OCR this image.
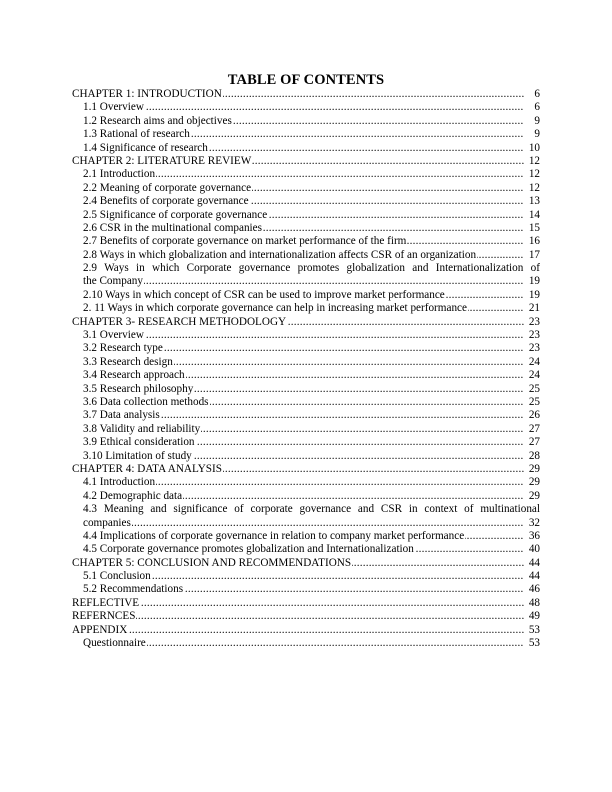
TABLE OF CONTENTS
CHAPTER 1: INTRODUCTION .....	6
1.1 Overview .....	6
1.2 Research aims and objectives .....	9
1.3 Rational of research .....	9
1.4 Significance of research .....	10
CHAPTER 2: LITERATURE REVIEW .....	12
2.1 Introduction .....	12
2.2 Meaning of corporate governance .....	12
2.4 Benefits of corporate governance .....	13
2.5 Significance of corporate governance .....	14
2.6 CSR in the multinational companies .....	15
2.7 Benefits of corporate governance on market performance of the firm .....	16
2.8 Ways in which globalization and internationalization affects CSR of an organization .....	17
2.9 Ways in which Corporate governance promotes globalization and Internationalization of
the Company .....	19
2.10 Ways in which concept of CSR can be used to improve market performance .....	19
2. 11 Ways in which corporate governance can help in increasing market performance .....	21
CHAPTER 3- RESEARCH METHODOLOGY .....	23
3.1 Overview .....	23
3.2 Research type .....	23
3.3 Research design .....	24
3.4 Research approach .....	24
3.5 Research philosophy .....	25
3.6 Data collection methods .....	25
3.7 Data analysis .....	26
3.8 Validity and reliability .....	27
3.9 Ethical consideration .....	27
3.10 Limitation of study .....	28
CHAPTER 4: DATA ANALYSIS .....	29
4.1 Introduction .....	29
4.2 Demographic data .....	29
4.3 Meaning and significance of corporate governance and CSR in context of multinational
companies .....	32
4.4 Implications of corporate governance in relation to company market performance .....	36
4.5 Corporate governance promotes globalization and Internationalization .....	40
CHAPTER 5: CONCLUSION AND RECOMMENDATIONS .....	44
5.1 Conclusion .....	44
5.2 Recommendations .....	46
REFLECTIVE .....	48
REFERNCES .....	49
APPENDIX .....	53
Questionnaire .....	53
